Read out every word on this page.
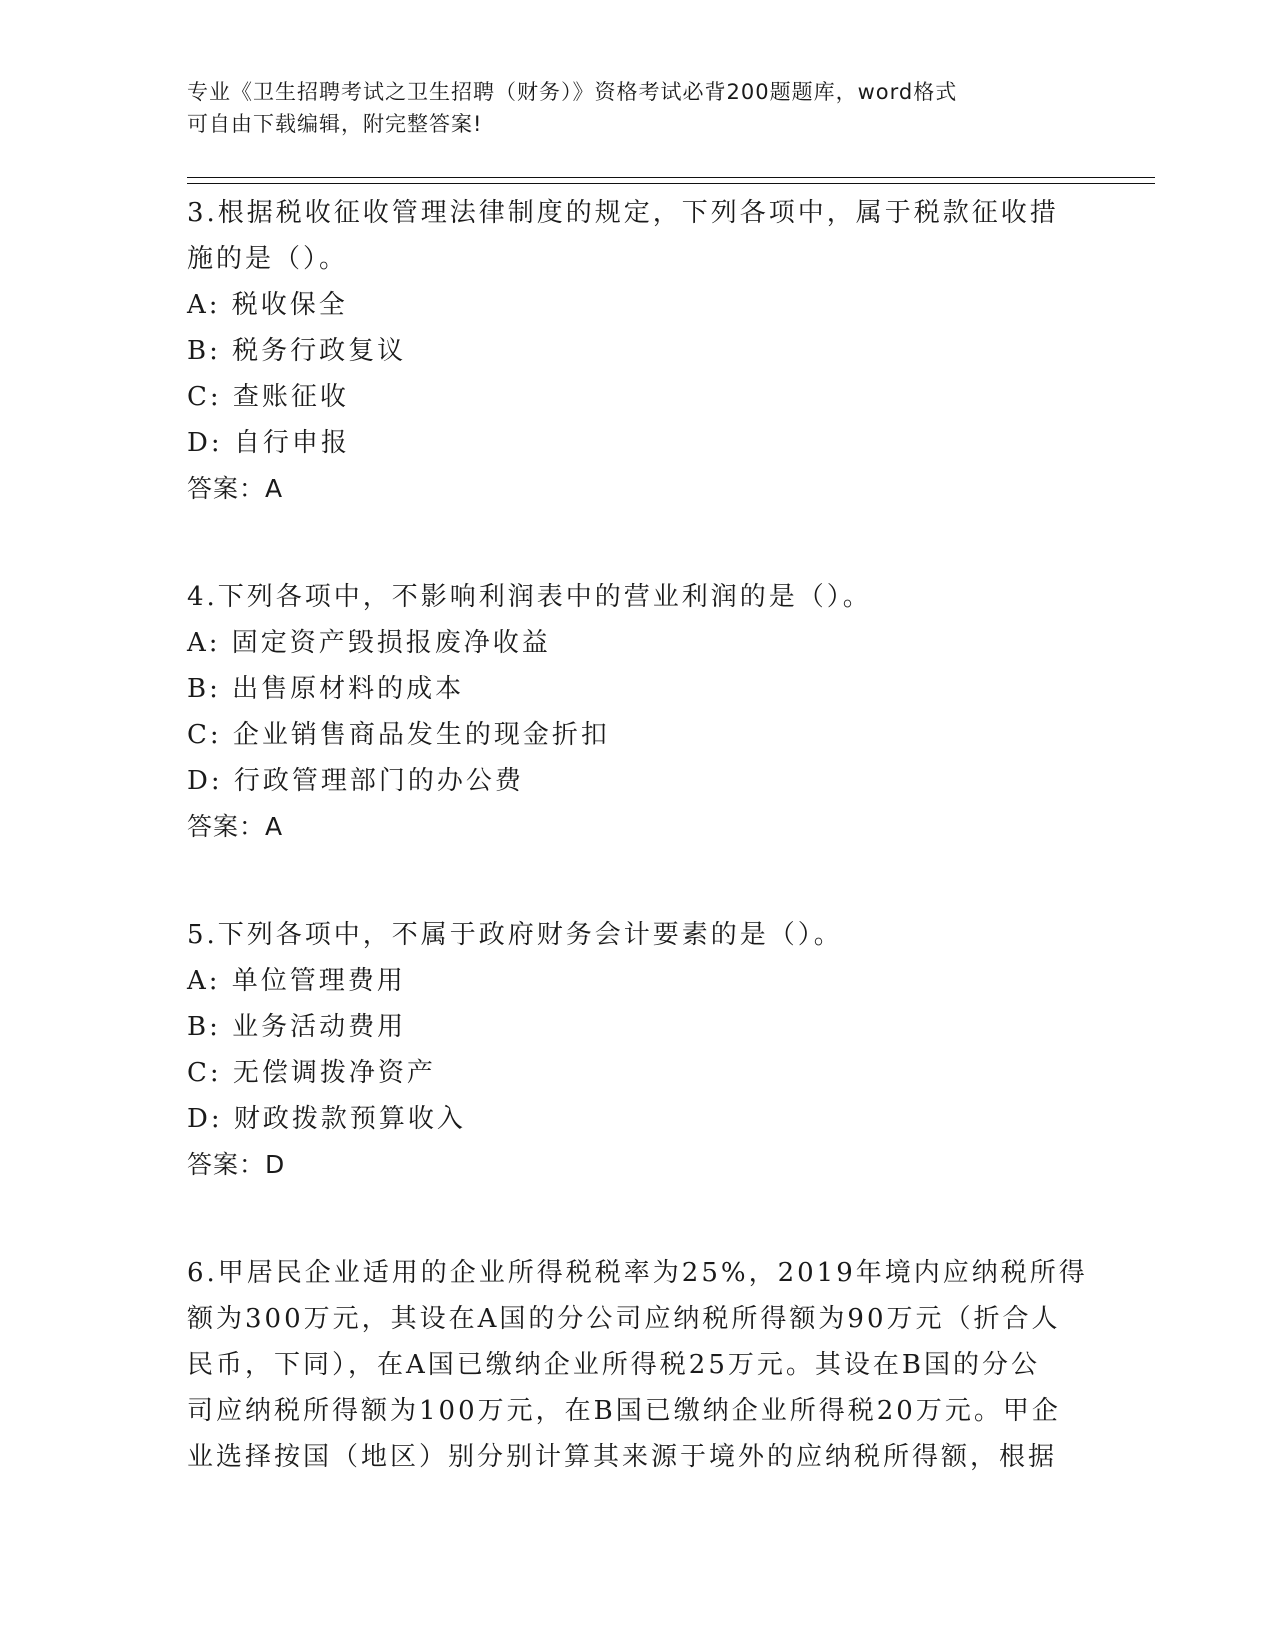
专业《卫生招聘考试之卫生招聘（财务）》资格考试必背200题题库，word格式
可自由下载编辑，附完整答案!
3.根据税收征收管理法律制度的规定，下列各项中，属于税款征收措
施的是（）。
A: 税收保全
B: 税务行政复议
C: 查账征收
D: 自行申报
答案：A
4.下列各项中，不影响利润表中的营业利润的是（）。
A: 固定资产毁损报废净收益
B: 出售原材料的成本
C: 企业销售商品发生的现金折扣
D: 行政管理部门的办公费
答案：A
5.下列各项中，不属于政府财务会计要素的是（）。
A: 单位管理费用
B: 业务活动费用
C: 无偿调拨净资产
D: 财政拨款预算收入
答案：D
6.甲居民企业适用的企业所得税税率为25%，2019年境内应纳税所得
额为300万元，其设在A国的分公司应纳税所得额为90万元（折合人
民币，下同），在A国已缴纳企业所得税25万元。其设在B国的分公
司应纳税所得额为100万元，在B国已缴纳企业所得税20万元。甲企
业选择按国（地区）别分别计算其来源于境外的应纳税所得额，根据
